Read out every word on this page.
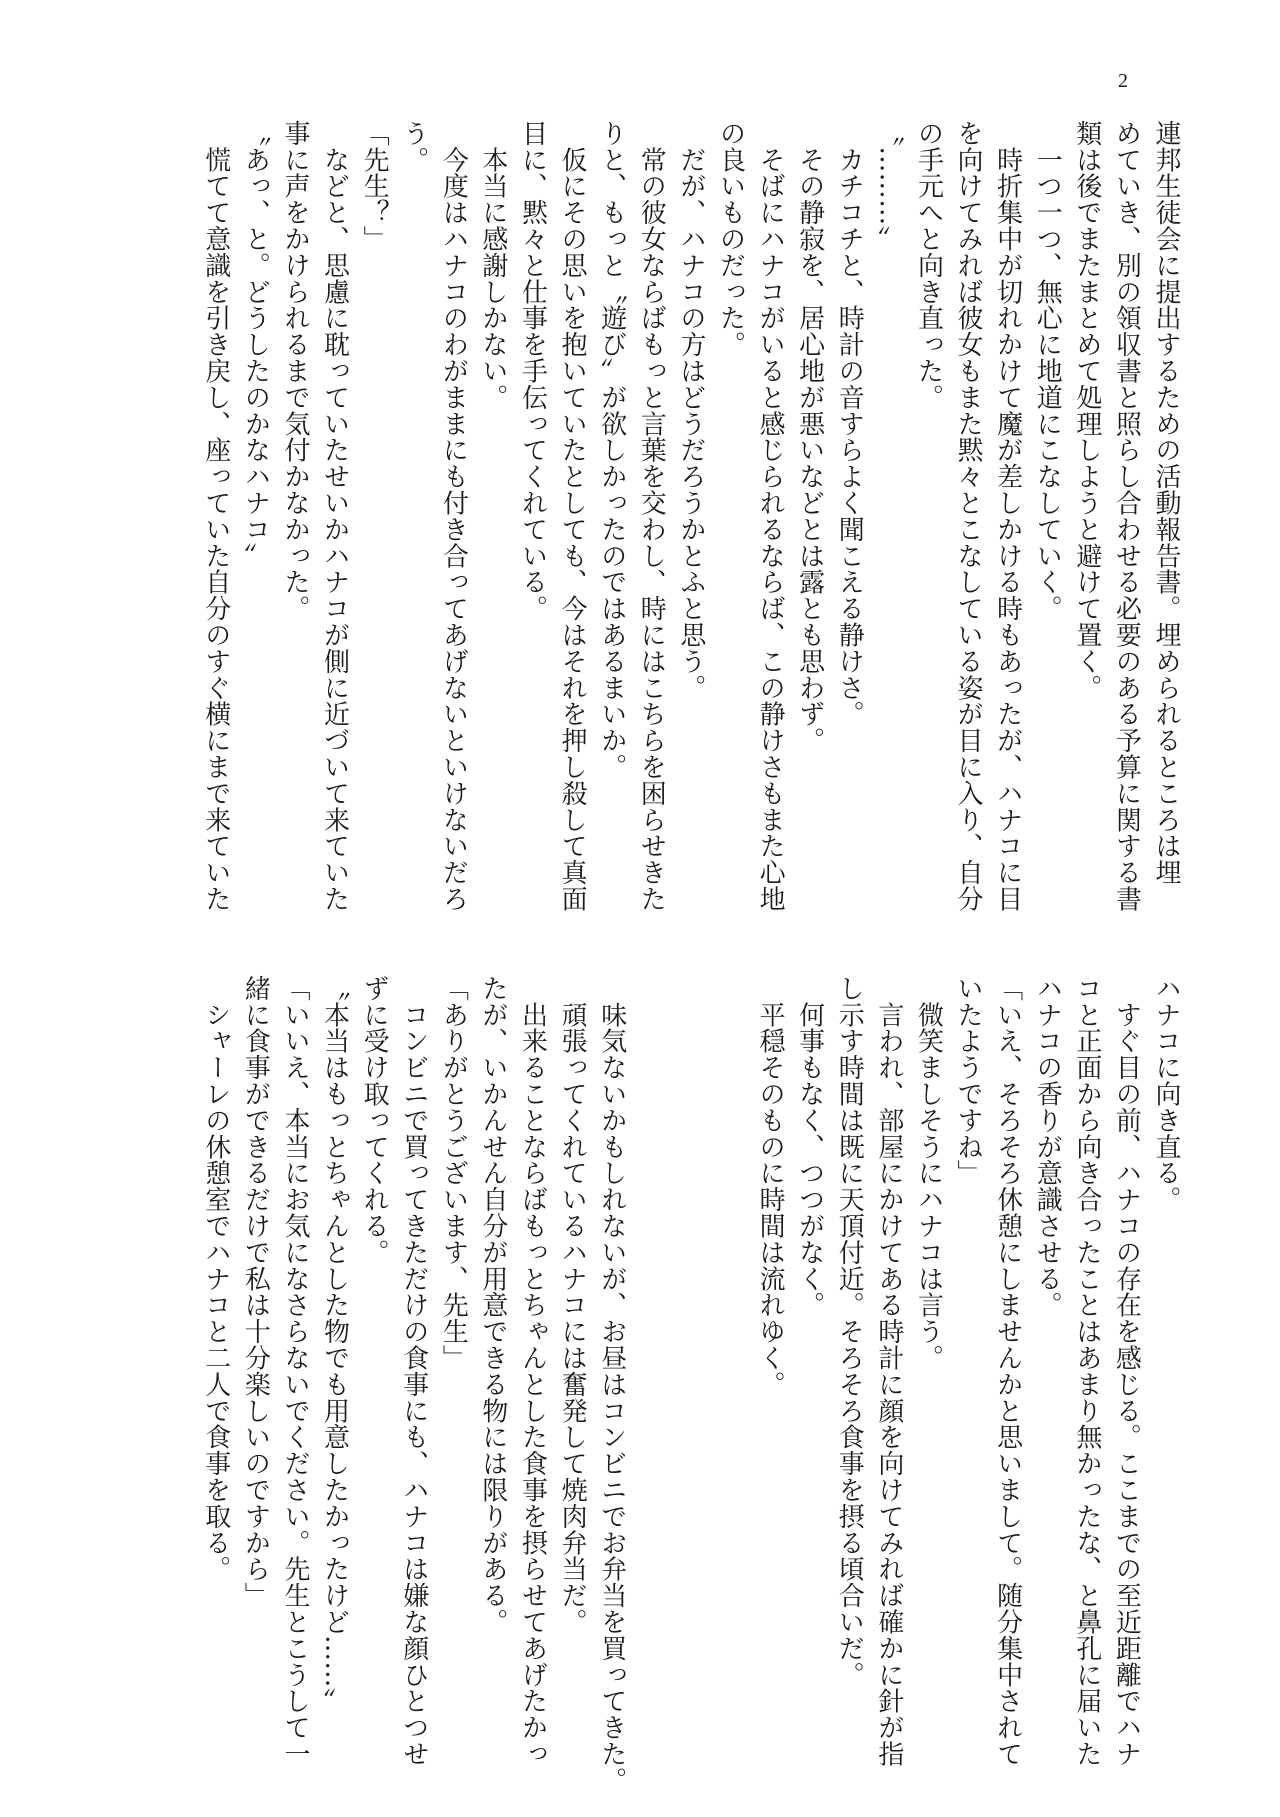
2
連邦生徒会に提出するための活動報告書。埋められるところは埋
めていき、別の領収書と照らし合わせる必要のある予算に関する書
類は後でまたまとめて処理しようと避けて置く。
　一つ一つ、無心に地道にこなしていく。
　時折集中が切れかけて魔が差しかける時もあったが、ハナコに目
を向けてみれば彼女もまた黙々とこなしている姿が目に入り、自分
の手元へと向き直った。
〝………〟
　カチコチと、時計の音すらよく聞こえる静けさ。
　その静寂を、居心地が悪いなどとは露とも思わず。
　そばにハナコがいると感じられるならば、この静けさもまた心地
の良いものだった。
　だが、ハナコの方はどうだろうかとふと思う。
　常の彼女ならばもっと言葉を交わし、時にはこちらを困らせきた
りと、もっと〝遊び〟が欲しかったのではあるまいか。
　仮にその思いを抱いていたとしても、今はそれを押し殺して真面
目に、黙々と仕事を手伝ってくれている。
　本当に感謝しかない。
　今度はハナコのわがままにも付き合ってあげないといけないだろ
う。
「先生？」
　などと、思慮に耽っていたせいかハナコが側に近づいて来ていた
事に声をかけられるまで気付かなかった。
〝あっ、と。どうしたのかなハナコ〟
　慌てて意識を引き戻し、座っていた自分のすぐ横にまで来ていた
ハナコに向き直る。
　すぐ目の前、ハナコの存在を感じる。ここまでの至近距離でハナ
コと正面から向き合ったことはあまり無かったな、と鼻孔に届いた
ハナコの香りが意識させる。
「いえ、そろそろ休憩にしませんかと思いまして。随分集中されて
いたようですね」
　微笑ましそうにハナコは言う。
　言われ、部屋にかけてある時計に顔を向けてみれば確かに針が指
し示す時間は既に天頂付近。そろそろ食事を摂る頃合いだ。
　何事もなく、つつがなく。
　平穏そのものに時間は流れゆく。
　味気ないかもしれないが、お昼はコンビニでお弁当を買ってきた。
　頑張ってくれているハナコには奮発して焼肉弁当だ。
　出来ることならばもっとちゃんとした食事を摂らせてあげたかっ
たが、いかんせん自分が用意できる物には限りがある。
「ありがとうございます、先生」
　コンビニで買ってきただけの食事にも、ハナコは嫌な顔ひとつせ
ずに受け取ってくれる。
〝本当はもっとちゃんとした物でも用意したかったけど……〟
「いいえ、本当にお気になさらないでください。先生とこうして一
緒に食事ができるだけで私は十分楽しいのですから」
　シャーレの休憩室でハナコと二人で食事を取る。
